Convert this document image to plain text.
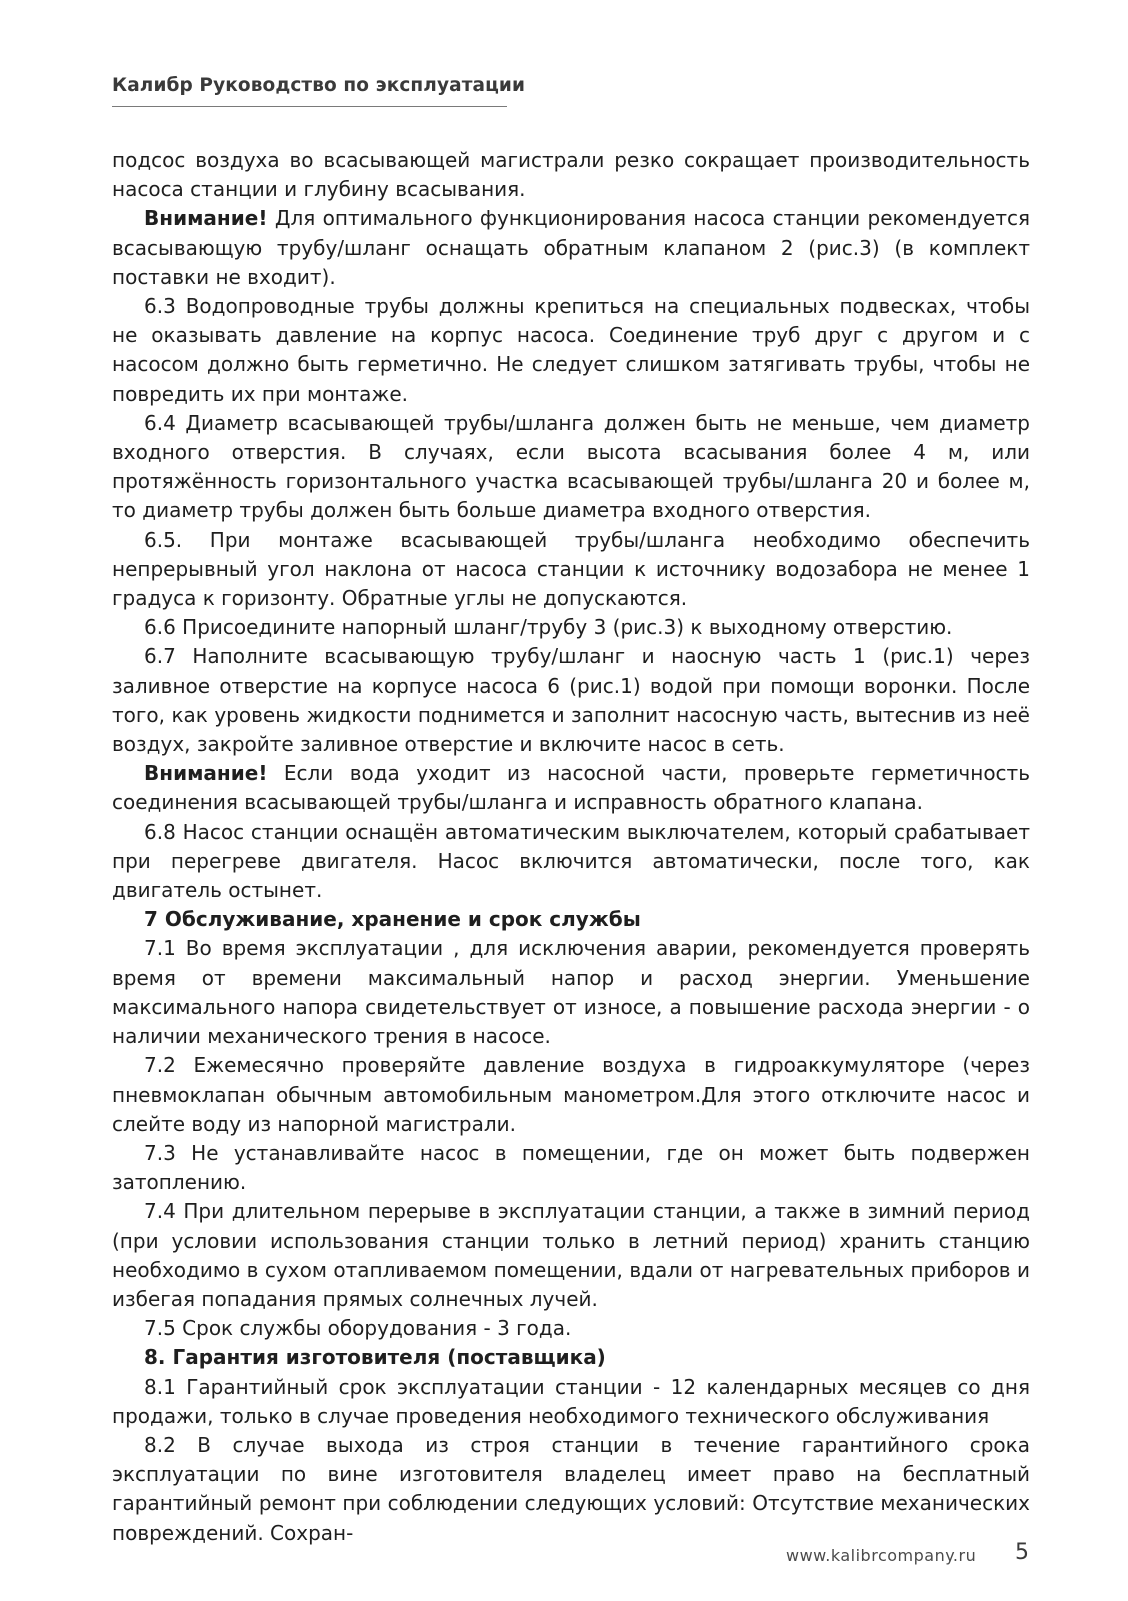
Калибр Руководство по эксплуатации

подсос воздуха во всасывающей магистрали резко сокращает производительность насоса станции и глубину всасывания.

Внимание! Для оптимального функционирования насоса станции рекомендуется всасывающую трубу/шланг оснащать обратным клапаном 2 (рис.3) (в комплект поставки не входит).

6.3 Водопроводные трубы должны крепиться на специальных подвесках, чтобы не оказывать давление на корпус насоса. Соединение труб друг с другом и с насосом должно быть герметично. Не следует слишком затягивать трубы, чтобы не повредить их при монтаже.

6.4 Диаметр всасывающей трубы/шланга должен быть не меньше, чем диаметр входного отверстия. В случаях, если высота всасывания более 4 м, или протяжённость горизонтального участка всасывающей трубы/шланга 20 и более м, то диаметр трубы должен быть больше диаметра входного отверстия.

6.5. При монтаже всасывающей трубы/шланга необходимо обеспечить непрерывный угол наклона от насоса станции к источнику водозабора не менее 1 градуса к горизонту. Обратные углы не допускаются.

6.6 Присоедините напорный шланг/трубу 3 (рис.3) к выходному отверстию.

6.7 Наполните всасывающую трубу/шланг и наосную часть 1 (рис.1) через заливное отверстие на корпусе насоса 6 (рис.1) водой при помощи воронки. После того, как уровень жидкости поднимется и заполнит насосную часть, вытеснив из неё воздух, закройте заливное отверстие и включите насос в сеть.

Внимание! Если вода уходит из насосной части, проверьте герметичность соединения всасывающей трубы/шланга и исправность обратного клапана.

6.8 Насос станции оснащён автоматическим выключателем, который срабатывает при перегреве двигателя. Насос включится автоматически, после того, как двигатель остынет.

7 Обслуживание, хранение и срок службы

7.1 Во время эксплуатации , для исключения аварии, рекомендуется проверять время от времени максимальный напор и расход энергии. Уменьшение максимального напора свидетельствует от износе, а повышение расхода энергии - о наличии механического трения в насосе.

7.2 Ежемесячно проверяйте давление воздуха в гидроаккумуляторе (через пневмоклапан обычным автомобильным манометром.Для этого отключите насос и слейте воду из напорной магистрали.

7.3 Не устанавливайте насос в помещении, где он может быть подвержен затоплению.

7.4 При длительном перерыве в эксплуатации станции, а также в зимний период (при условии использования станции только в летний период) хранить станцию необходимо в сухом отапливаемом помещении, вдали от нагревательных приборов и избегая попадания прямых солнечных лучей.

7.5 Срок службы оборудования - 3 года.

8. Гарантия изготовителя (поставщика)

8.1 Гарантийный срок эксплуатации станции - 12 календарных месяцев со дня продажи, только в случае проведения необходимого технического обслуживания

8.2 В случае выхода из строя станции в течение гарантийного срока эксплуатации по вине изготовителя владелец имеет право на бесплатный гарантийный ремонт при соблюдении следующих условий: Отсутствие механических повреждений. Сохран-

www.kalibrcompany.ru 5
